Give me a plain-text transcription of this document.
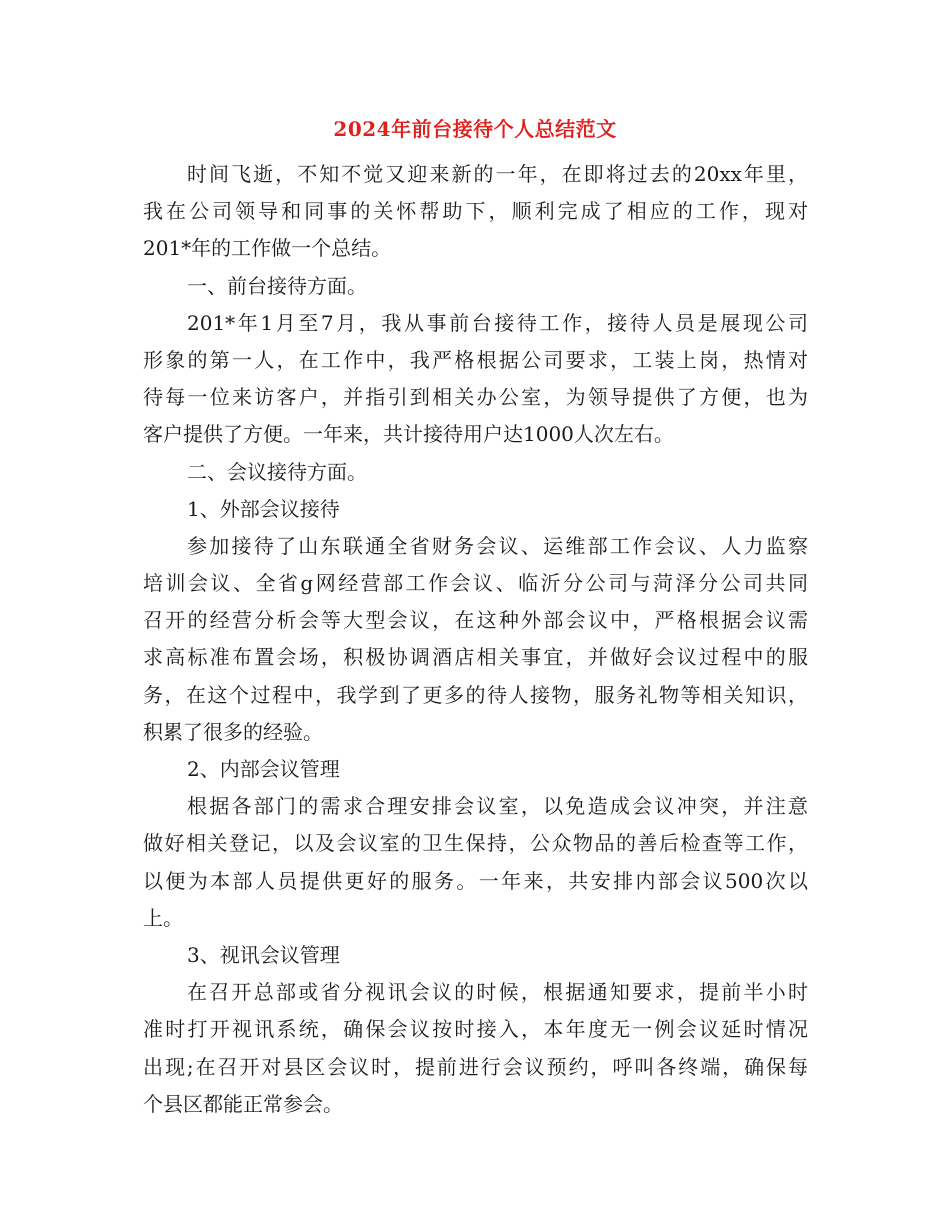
2024年前台接待个人总结范文
时间飞逝，不知不觉又迎来新的一年，在即将过去的20xx年里，
我在公司领导和同事的关怀帮助下，顺利完成了相应的工作，现对
201*年的工作做一个总结。
一、前台接待方面。
201*年1月至7月，我从事前台接待工作，接待人员是展现公司
形象的第一人，在工作中，我严格根据公司要求，工装上岗，热情对
待每一位来访客户，并指引到相关办公室，为领导提供了方便，也为
客户提供了方便。一年来，共计接待用户达1000人次左右。
二、会议接待方面。
1、外部会议接待
参加接待了山东联通全省财务会议、运维部工作会议、人力监察
培训会议、全省g网经营部工作会议、临沂分公司与菏泽分公司共同
召开的经营分析会等大型会议，在这种外部会议中，严格根据会议需
求高标准布置会场，积极协调酒店相关事宜，并做好会议过程中的服
务，在这个过程中，我学到了更多的待人接物，服务礼物等相关知识，
积累了很多的经验。
2、内部会议管理
根据各部门的需求合理安排会议室，以免造成会议冲突，并注意
做好相关登记，以及会议室的卫生保持，公众物品的善后检查等工作，
以便为本部人员提供更好的服务。一年来，共安排内部会议500次以
上。
3、视讯会议管理
在召开总部或省分视讯会议的时候，根据通知要求，提前半小时
准时打开视讯系统，确保会议按时接入，本年度无一例会议延时情况
出现;在召开对县区会议时，提前进行会议预约，呼叫各终端，确保每
个县区都能正常参会。
